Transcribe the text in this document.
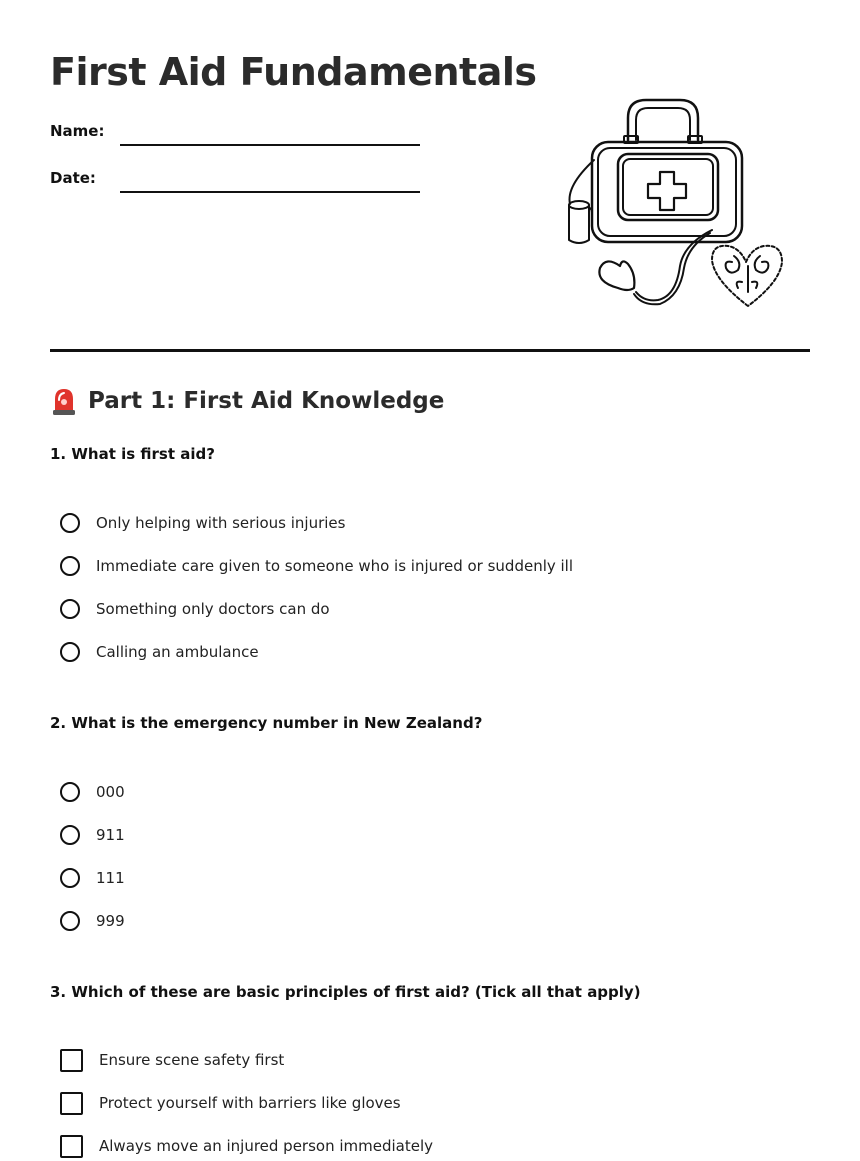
First Aid Fundamentals
Name:
Date:
Part 1: First Aid Knowledge

1. What is first aid?

Only helping with serious injuries
Immediate care given to someone who is injured or suddenly ill
Something only doctors can do
Calling an ambulance

2. What is the emergency number in New Zealand?

000
911
111
999

3. Which of these are basic principles of first aid? (Tick all that apply)

Ensure scene safety first
Protect yourself with barriers like gloves
Always move an injured person immediately
